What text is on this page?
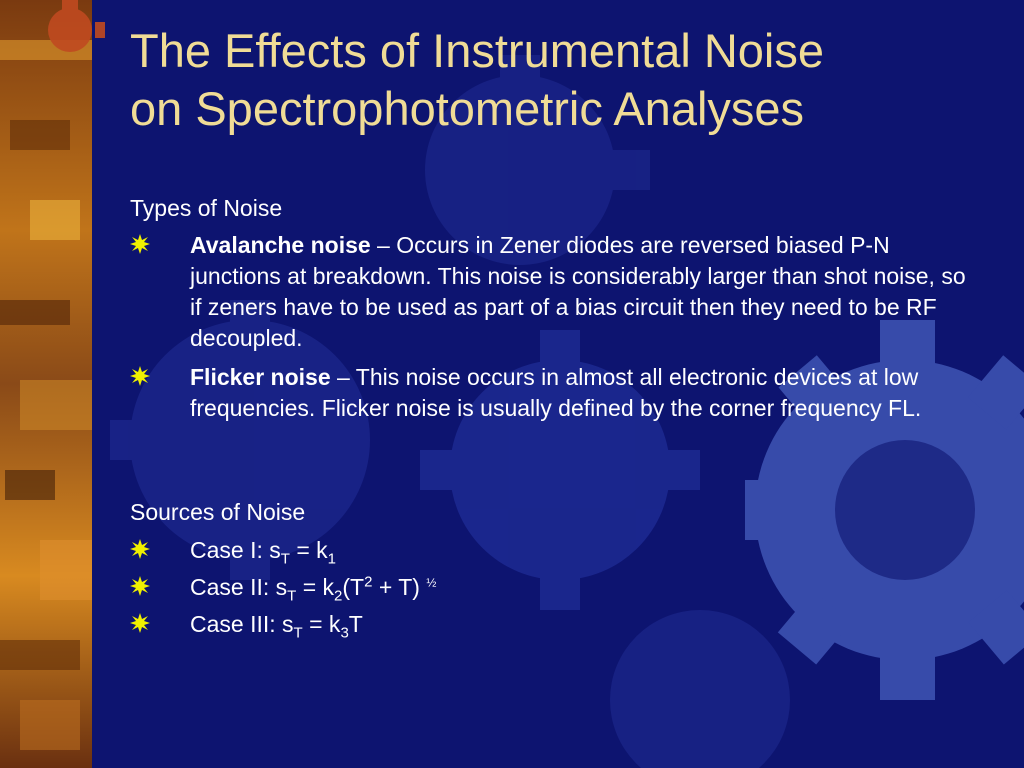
The Effects of Instrumental Noise
on Spectrophotometric Analyses
Types of Noise
Avalanche noise – Occurs in Zener diodes are reversed biased P-N junctions at breakdown. This noise is considerably larger than shot noise, so if zeners have to be used as part of a bias circuit then they need to be RF decoupled.
Flicker noise – This noise occurs in almost all electronic devices at low frequencies. Flicker noise is usually defined by the corner frequency FL.
Sources of Noise
Case I: $s_T = k_1$
Case II: $s_T = k_2(T^2 + T)$ $^{\frac{1}{2}}$
Case III: $s_T = k_3T$
